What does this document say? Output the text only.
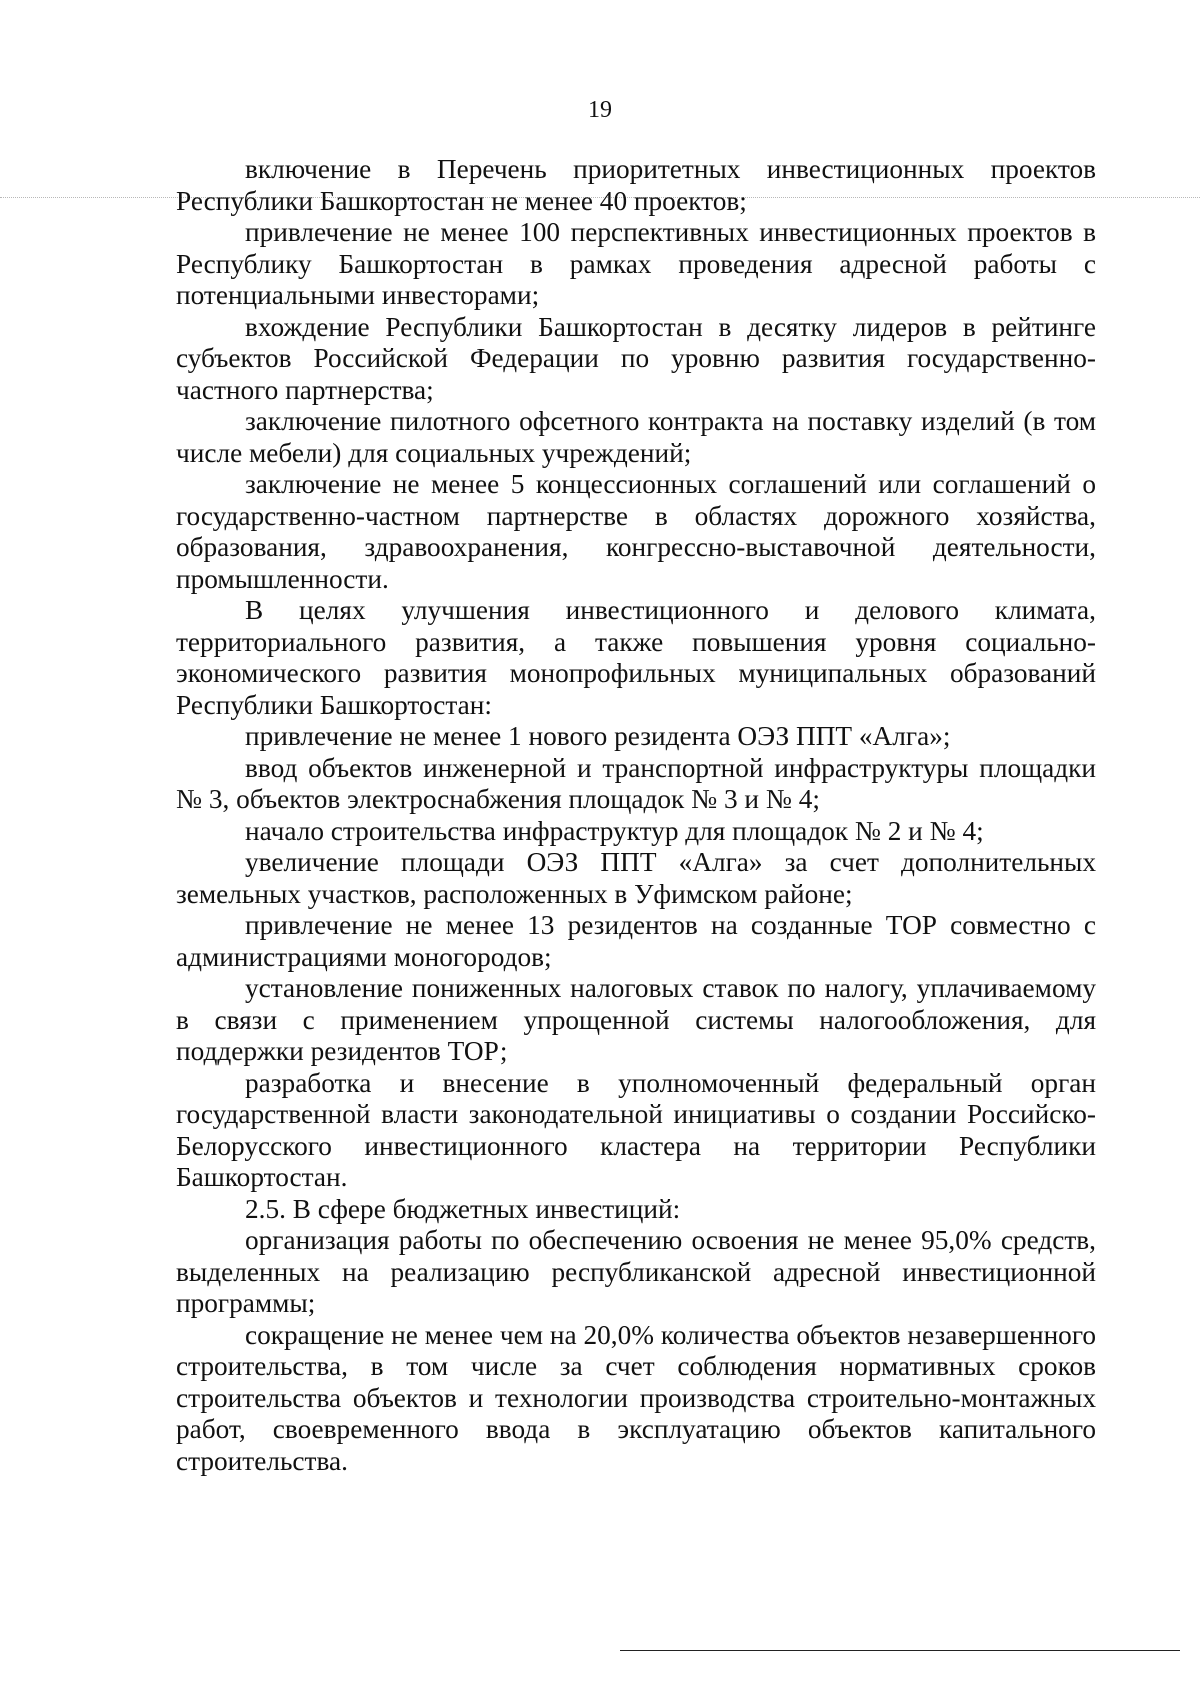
19

включение в Перечень приоритетных инвестиционных проектов Республики Башкортостан не менее 40 проектов;

привлечение не менее 100 перспективных инвестиционных проектов в Республику Башкортостан в рамках проведения адресной работы с потенциальными инвесторами;

вхождение Республики Башкортостан в десятку лидеров в рейтинге субъектов Российской Федерации по уровню развития государственно-частного партнерства;

заключение пилотного офсетного контракта на поставку изделий (в том числе мебели) для социальных учреждений;

заключение не менее 5 концессионных соглашений или соглашений о государственно-частном партнерстве в областях дорожного хозяйства, образования, здравоохранения, конгрессно-выставочной деятельности, промышленности.

В целях улучшения инвестиционного и делового климата, территориального развития, а также повышения уровня социально-экономического развития монопрофильных муниципальных образований Республики Башкортостан:

привлечение не менее 1 нового резидента ОЭЗ ППТ «Алга»;

ввод объектов инженерной и транспортной инфраструктуры площадки № 3, объектов электроснабжения площадок № 3 и № 4;

начало строительства инфраструктур для площадок № 2 и № 4;

увеличение площади ОЭЗ ППТ «Алга» за счет дополнительных земельных участков, расположенных в Уфимском районе;

привлечение не менее 13 резидентов на созданные ТОР совместно с администрациями моногородов;

установление пониженных налоговых ставок по налогу, уплачиваемому в связи с применением упрощенной системы налогообложения, для поддержки резидентов ТОР;

разработка и внесение в уполномоченный федеральный орган государственной власти законодательной инициативы о создании Российско-Белорусского инвестиционного кластера на территории Республики Башкортостан.

2.5. В сфере бюджетных инвестиций:

организация работы по обеспечению освоения не менее 95,0% средств, выделенных на реализацию республиканской адресной инвестиционной программы;

сокращение не менее чем на 20,0% количества объектов незавершенного строительства, в том числе за счет соблюдения нормативных сроков строительства объектов и технологии производства строительно-монтажных работ, своевременного ввода в эксплуатацию объектов капитального строительства.
